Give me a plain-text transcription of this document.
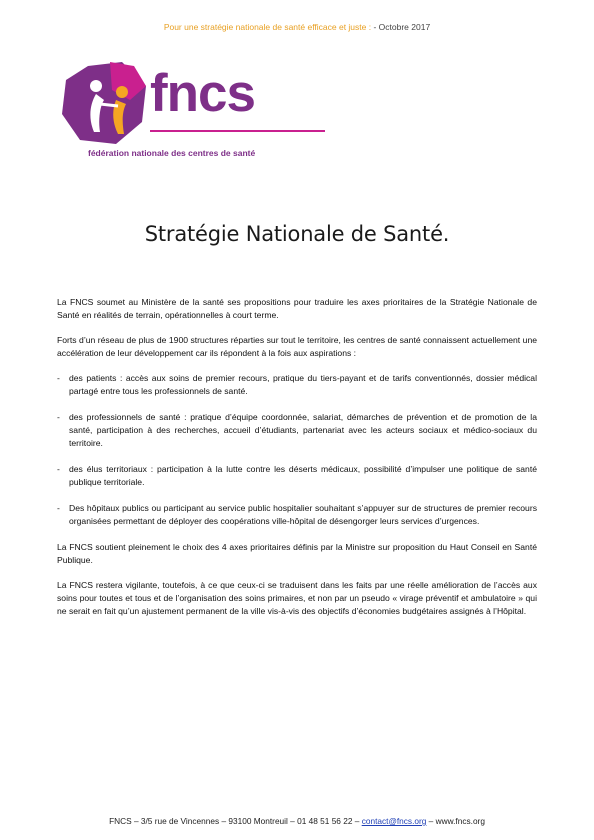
Pour une stratégie nationale de santé efficace et juste : - Octobre 2017
fncs
fédération nationale des centres de santé
Stratégie Nationale de Santé.

La FNCS soumet au Ministère de la santé ses propositions pour traduire les axes prioritaires de la Stratégie Nationale de Santé en réalités de terrain, opérationnelles à court terme.

Forts d’un réseau de plus de 1900 structures réparties sur tout le territoire, les centres de santé connaissent actuellement une accélération de leur développement car ils répondent à la fois aux aspirations :

- des patients : accès aux soins de premier recours, pratique du tiers-payant et de tarifs conventionnés, dossier médical partagé entre tous les professionnels de santé.
- des professionnels de santé : pratique d’équipe coordonnée, salariat, démarches de prévention et de promotion de la santé, participation à des recherches, accueil d’étudiants, partenariat avec les acteurs sociaux et médico-sociaux du territoire.
- des élus territoriaux : participation à la lutte contre les déserts médicaux, possibilité d’impulser une politique de santé publique territoriale.
- Des hôpitaux publics ou participant au service public hospitalier souhaitant s’appuyer sur de structures de premier recours organisées permettant de déployer des coopérations ville-hôpital de désengorger leurs services d’urgences.

La FNCS soutient pleinement le choix des 4 axes prioritaires définis par la Ministre sur proposition du Haut Conseil en Santé Publique.

La FNCS restera vigilante, toutefois, à ce que ceux-ci se traduisent dans les faits par une réelle amélioration de l’accès aux soins pour toutes et tous et de l’organisation des soins primaires, et non par un pseudo « virage préventif et ambulatoire » qui ne serait en fait qu’un ajustement permanent de la ville vis-à-vis des objectifs d’économies budgétaires assignés à l’Hôpital.

FNCS – 3/5 rue de Vincennes – 93100 Montreuil – 01 48 51 56 22 – contact@fncs.org – www.fncs.org
